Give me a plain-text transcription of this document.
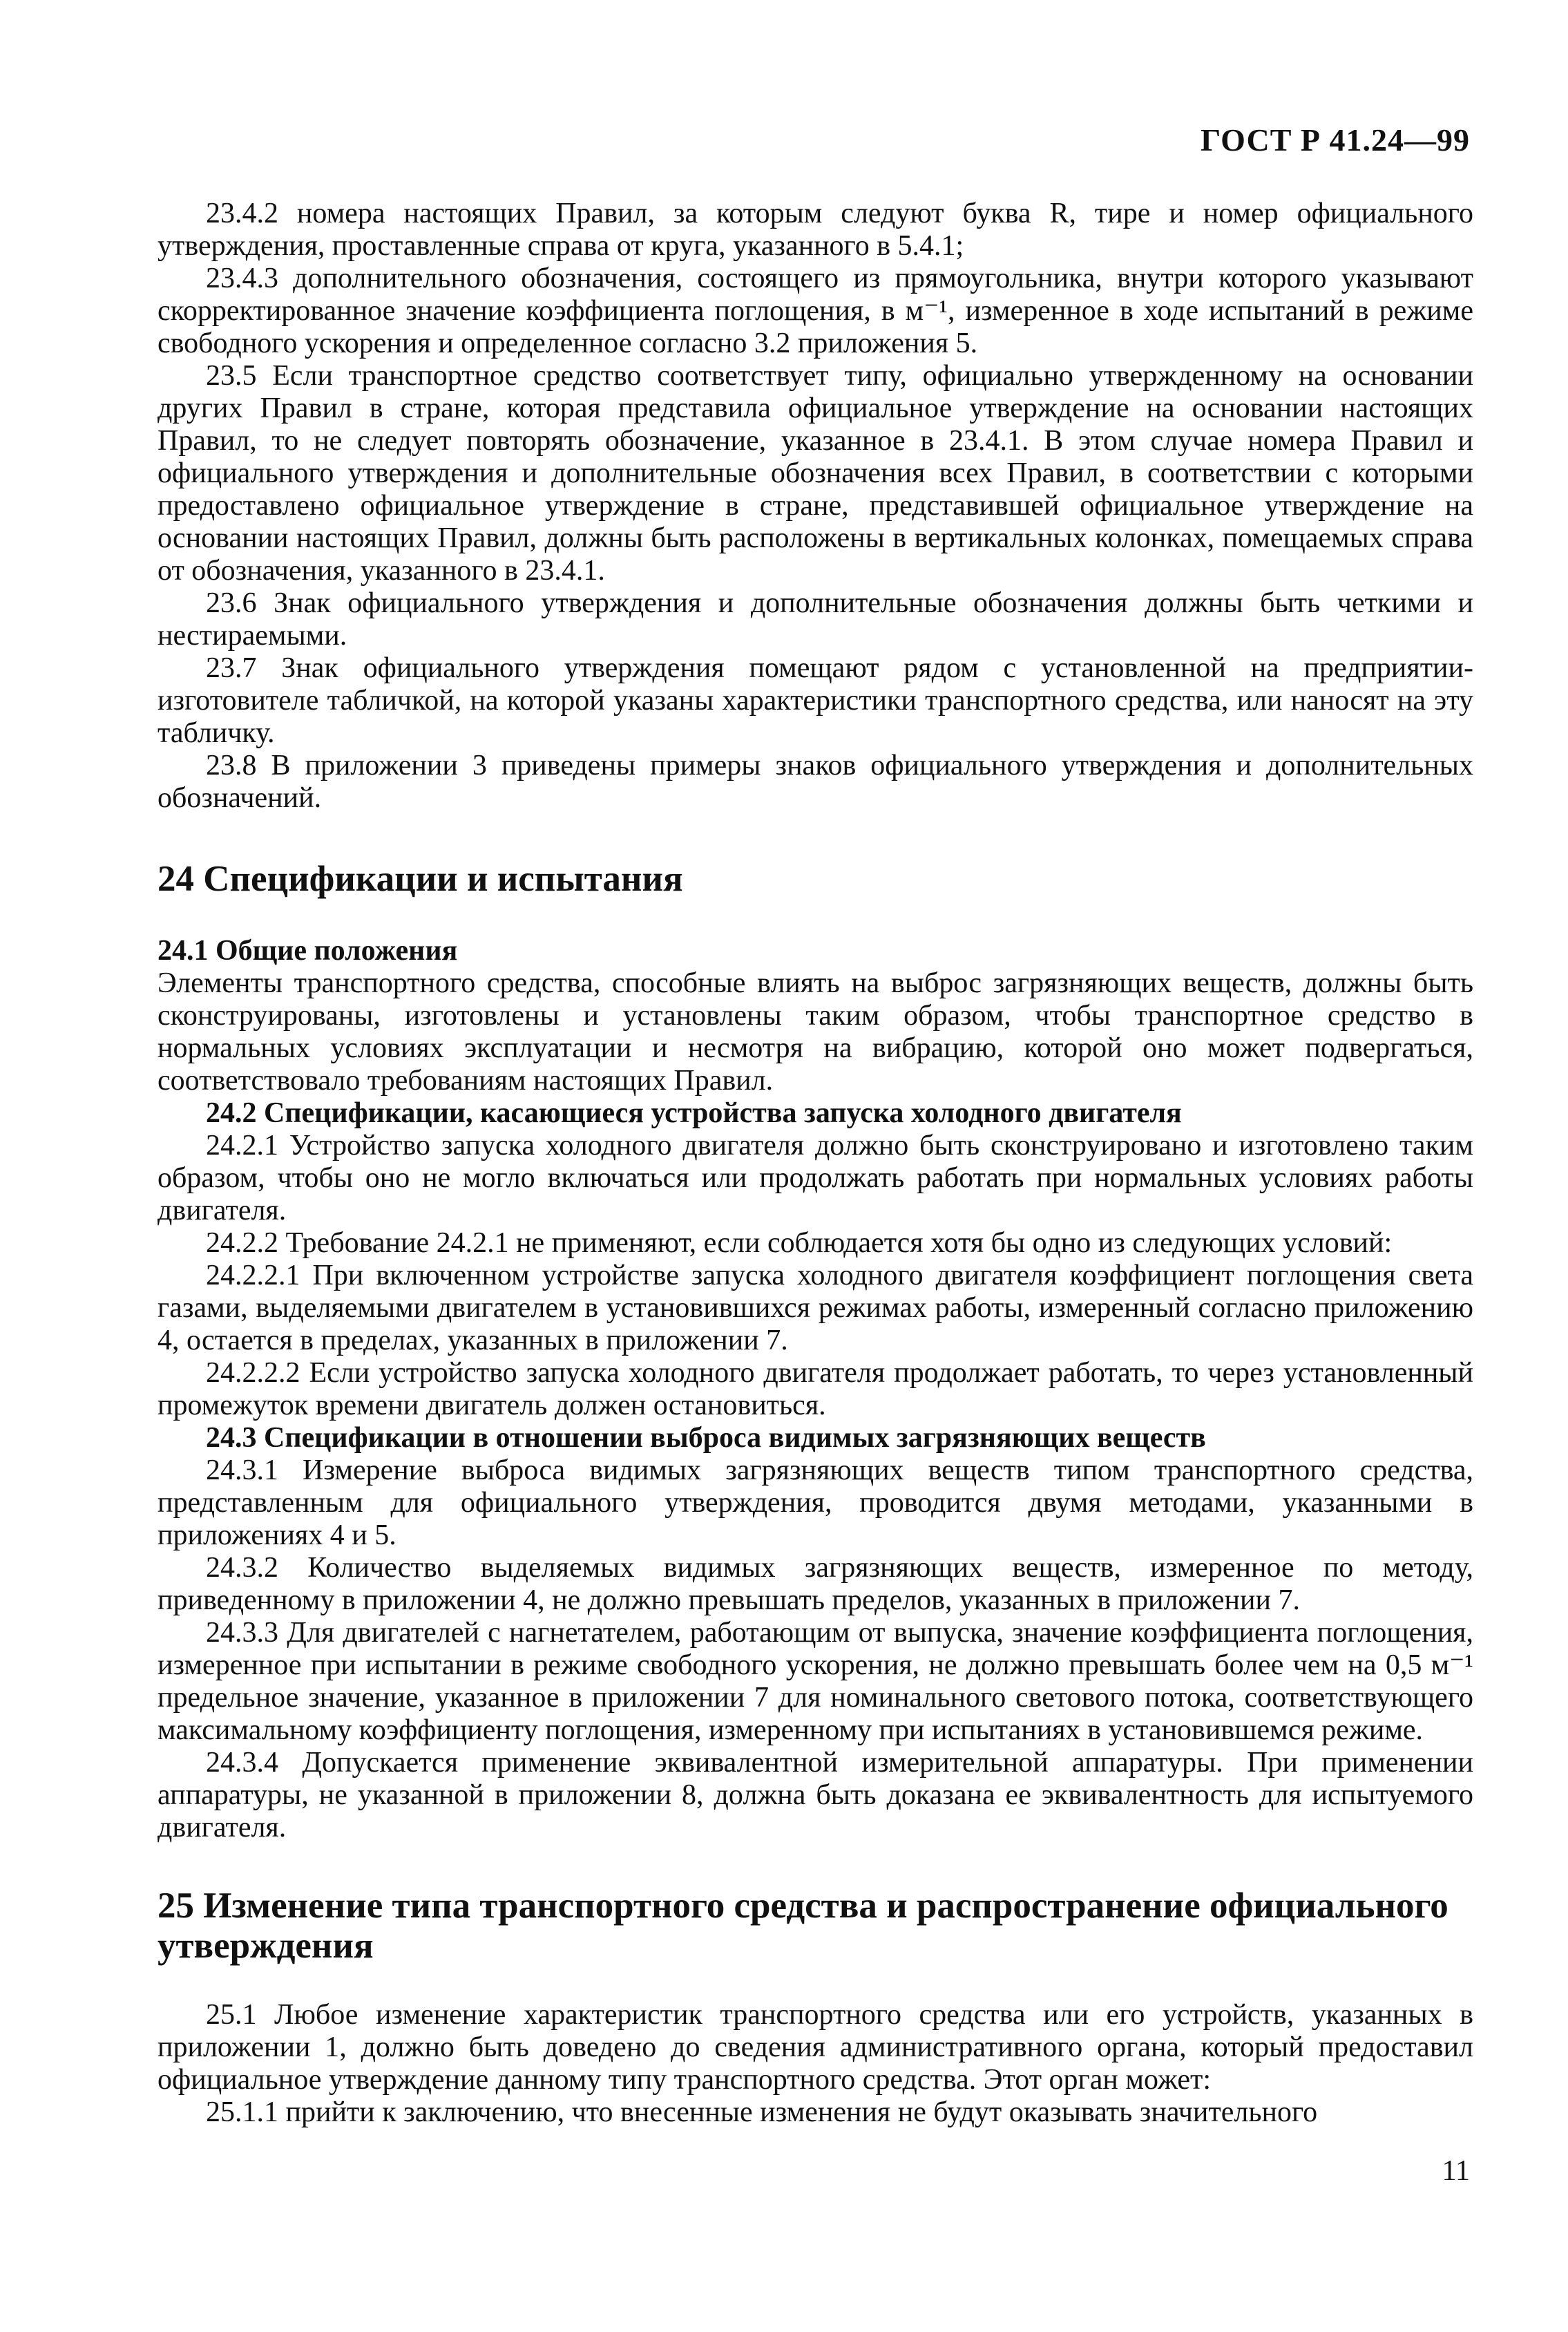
ГОСТ Р 41.24—99

23.4.2 номера настоящих Правил, за которым следуют буква R, тире и номер официального утверждения, проставленные справа от круга, указанного в 5.4.1;

23.4.3 дополнительного обозначения, состоящего из прямоугольника, внутри которого указывают скорректированное значение коэффициента поглощения, в м⁻¹, измеренное в ходе испытаний в режиме свободного ускорения и определенное согласно 3.2 приложения 5.

23.5 Если транспортное средство соответствует типу, официально утвержденному на основании других Правил в стране, которая представила официальное утверждение на основании настоящих Правил, то не следует повторять обозначение, указанное в 23.4.1. В этом случае номера Правил и официального утверждения и дополнительные обозначения всех Правил, в соответствии с которыми предоставлено официальное утверждение в стране, представившей официальное утверждение на основании настоящих Правил, должны быть расположены в вертикальных колонках, помещаемых справа от обозначения, указанного в 23.4.1.

23.6 Знак официального утверждения и дополнительные обозначения должны быть четкими и нестираемыми.

23.7 Знак официального утверждения помещают рядом с установленной на предприятии-изготовителе табличкой, на которой указаны характеристики транспортного средства, или наносят на эту табличку.

23.8 В приложении 3 приведены примеры знаков официального утверждения и дополнительных обозначений.

24 Спецификации и испытания
24.1 Общие положения

Элементы транспортного средства, способные влиять на выброс загрязняющих веществ, должны быть сконструированы, изготовлены и установлены таким образом, чтобы транспортное средство в нормальных условиях эксплуатации и несмотря на вибрацию, которой оно может подвергаться, соответствовало требованиям настоящих Правил.

24.2 Спецификации, касающиеся устройства запуска холодного двигателя

24.2.1 Устройство запуска холодного двигателя должно быть сконструировано и изготовлено таким образом, чтобы оно не могло включаться или продолжать работать при нормальных условиях работы двигателя.

24.2.2 Требование 24.2.1 не применяют, если соблюдается хотя бы одно из следующих условий:

24.2.2.1 При включенном устройстве запуска холодного двигателя коэффициент поглощения света газами, выделяемыми двигателем в установившихся режимах работы, измеренный согласно приложению 4, остается в пределах, указанных в приложении 7.

24.2.2.2 Если устройство запуска холодного двигателя продолжает работать, то через установленный промежуток времени двигатель должен остановиться.

24.3 Спецификации в отношении выброса видимых загрязняющих веществ

24.3.1 Измерение выброса видимых загрязняющих веществ типом транспортного средства, представленным для официального утверждения, проводится двумя методами, указанными в приложениях 4 и 5.

24.3.2 Количество выделяемых видимых загрязняющих веществ, измеренное по методу, приведенному в приложении 4, не должно превышать пределов, указанных в приложении 7.

24.3.3 Для двигателей с нагнетателем, работающим от выпуска, значение коэффициента поглощения, измеренное при испытании в режиме свободного ускорения, не должно превышать более чем на 0,5 м⁻¹ предельное значение, указанное в приложении 7 для номинального светового потока, соответствующего максимальному коэффициенту поглощения, измеренному при испытаниях в установившемся режиме.

24.3.4 Допускается применение эквивалентной измерительной аппаратуры. При применении аппаратуры, не указанной в приложении 8, должна быть доказана ее эквивалентность для испытуемого двигателя.

25 Изменение типа транспортного средства и распространение официального утверждения

25.1 Любое изменение характеристик транспортного средства или его устройств, указанных в приложении 1, должно быть доведено до сведения административного органа, который предоставил официальное утверждение данному типу транспортного средства. Этот орган может:

25.1.1 прийти к заключению, что внесенные изменения не будут оказывать значительного

11
